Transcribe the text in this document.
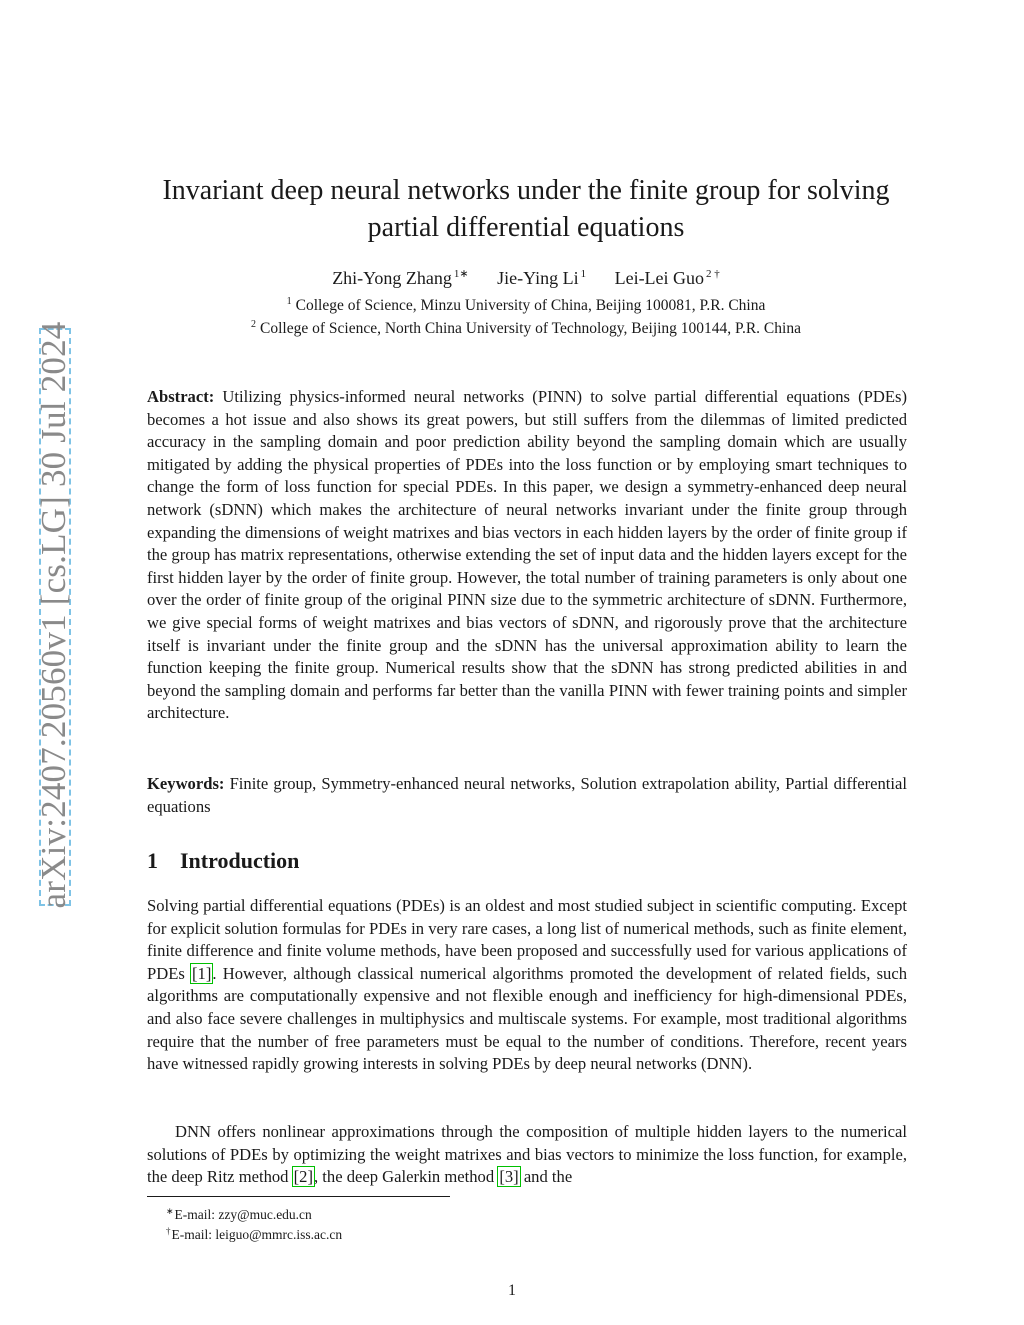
arXiv:2407.20560v1 [cs.LG] 30 Jul 2024
Invariant deep neural networks under the finite group for solving partial differential equations
Zhi-Yong Zhang $^{1∗}$ Jie-Ying Li $^1$ Lei-Lei Guo $^{2 \dagger}$
$^1$ College of Science, Minzu University of China, Beijing 100081, P.R. China
$^2$ College of Science, North China University of Technology, Beijing 100144, P.R. China
Abstract: Utilizing physics-informed neural networks (PINN) to solve partial differential equations (PDEs) becomes a hot issue and also shows its great powers, but still suffers from the dilemmas of limited predicted accuracy in the sampling domain and poor prediction ability beyond the sampling domain which are usually mitigated by adding the physical properties of PDEs into the loss function or by employing smart techniques to change the form of loss function for special PDEs. In this paper, we design a symmetry-enhanced deep neural network (sDNN) which makes the architecture of neural networks invariant under the finite group through expanding the dimensions of weight matrixes and bias vectors in each hidden layers by the order of finite group if the group has matrix representations, otherwise extending the set of input data and the hidden layers except for the first hidden layer by the order of finite group. However, the total number of training parameters is only about one over the order of finite group of the original PINN size due to the symmetric architecture of sDNN. Furthermore, we give special forms of weight matrixes and bias vectors of sDNN, and rigorously prove that the architecture itself is invariant under the finite group and the sDNN has the universal approximation ability to learn the function keeping the finite group. Numerical results show that the sDNN has strong predicted abilities in and beyond the sampling domain and performs far better than the vanilla PINN with fewer training points and simpler architecture.
Keywords: Finite group, Symmetry-enhanced neural networks, Solution extrapolation ability, Partial differential equations
1 Introduction
Solving partial differential equations (PDEs) is an oldest and most studied subject in scientific computing. Except for explicit solution formulas for PDEs in very rare cases, a long list of numerical methods, such as finite element, finite difference and finite volume methods, have been proposed and successfully used for various applications of PDEs [1]. However, although classical numerical algorithms promoted the development of related fields, such algorithms are computationally expensive and not flexible enough and inefficiency for high-dimensional PDEs, and also face severe challenges in multiphysics and multiscale systems. For example, most traditional algorithms require that the number of free parameters must be equal to the number of conditions. Therefore, recent years have witnessed rapidly growing interests in solving PDEs by deep neural networks (DNN).
DNN offers nonlinear approximations through the composition of multiple hidden layers to the numerical solutions of PDEs by optimizing the weight matrixes and bias vectors to minimize the loss function, for example, the deep Ritz method [2], the deep Galerkin method [3] and the
∗E-mail: zzy@muc.edu.cn
†E-mail: leiguo@mmrc.iss.ac.cn
1
